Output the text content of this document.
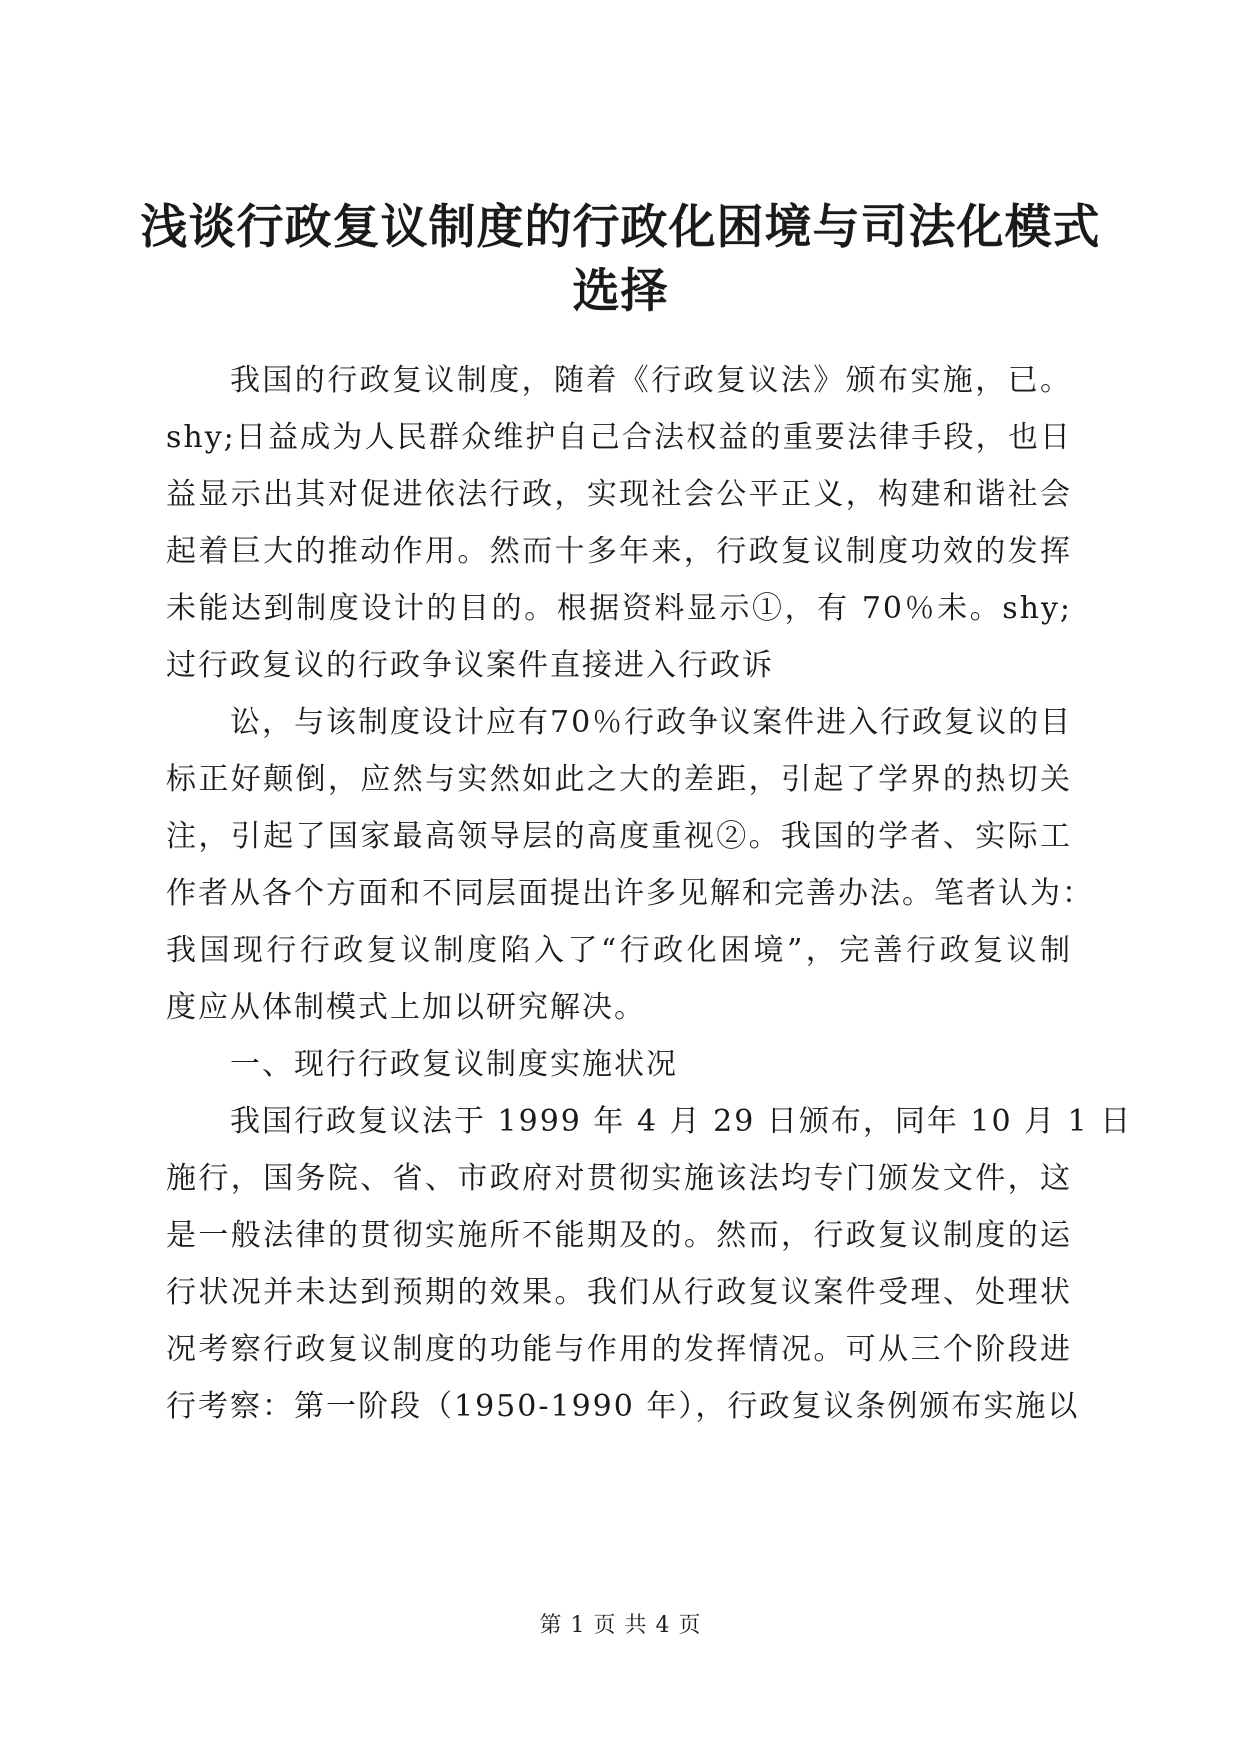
浅谈行政复议制度的行政化困境与司法化模式
选择
我国的行政复议制度，随着《行政复议法》颁布实施，已。
shy;日益成为人民群众维护自己合法权益的重要法律手段，也日
益显示出其对促进依法行政，实现社会公平正义，构建和谐社会
起着巨大的推动作用。然而十多年来，行政复议制度功效的发挥
未能达到制度设计的目的。根据资料显示①，有 70％未。shy;
过行政复议的行政争议案件直接进入行政诉
讼，与该制度设计应有70％行政争议案件进入行政复议的目
标正好颠倒，应然与实然如此之大的差距，引起了学界的热切关
注，引起了国家最高领导层的高度重视②。我国的学者、实际工
作者从各个方面和不同层面提出许多见解和完善办法。笔者认为：
我国现行行政复议制度陷入了“行政化困境”，完善行政复议制
度应从体制模式上加以研究解决。
一、现行行政复议制度实施状况
我国行政复议法于 1999 年 4 月 29 日颁布，同年 10 月 1 日
施行，国务院、省、市政府对贯彻实施该法均专门颁发文件，这
是一般法律的贯彻实施所不能期及的。然而，行政复议制度的运
行状况并未达到预期的效果。我们从行政复议案件受理、处理状
况考察行政复议制度的功能与作用的发挥情况。可从三个阶段进
行考察：第一阶段（1950-1990 年），行政复议条例颁布实施以
第 1 页 共 4 页
